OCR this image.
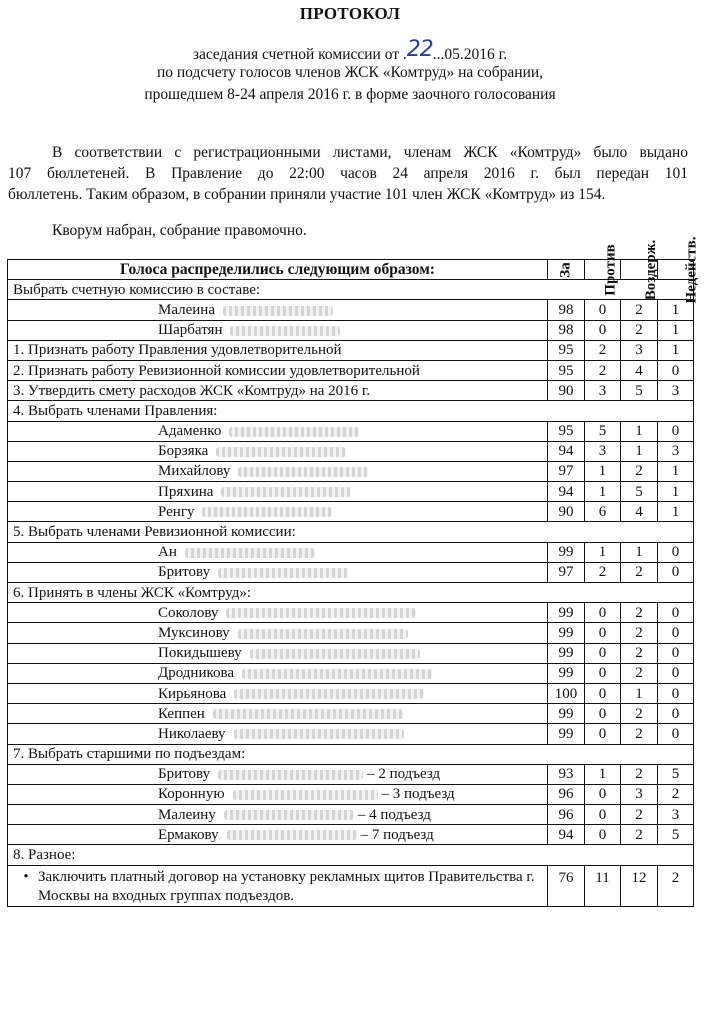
ПРОТОКОЛ
заседания счетной комиссии от .22...05.2016 г.
по подсчету голосов членов ЖСК «Комтруд» на собрании,
прошедшем 8-24 апреля 2016 г. в форме заочного голосования
В соответствии с регистрационными листами, членам ЖСК «Комтруд» было выдано
107 бюллетеней. В Правление до 22:00 часов 24 апреля 2016 г. был передан 101
бюллетень. Таким образом, в собрании приняли участие 101 член ЖСК «Комтруд» из 154.
Кворум набран, собрание правомочно.
Голоса распределились следующим образом:	За	Против	Воздерж.	Недейств.
Выбрать счетную комиссию в составе:				
Малеина	98	0	2	1
Шарбатян	98	0	2	1
1. Признать работу Правления удовлетворительной	95	2	3	1
2. Признать работу Ревизионной комиссии удовлетворительной	95	2	4	0
3. Утвердить смету расходов ЖСК «Комтруд» на 2016 г.	90	3	5	3
4. Выбрать членами Правления:				
Адаменко	95	5	1	0
Борзяка	94	3	1	3
Михайлову	97	1	2	1
Пряхина	94	1	5	1
Ренгу	90	6	4	1
5. Выбрать членами Ревизионной комиссии:				
Ан	99	1	1	0
Бритову	97	2	2	0
6. Принять в члены ЖСК «Комтруд»:				
Соколову	99	0	2	0
Муксинову	99	0	2	0
Покидышеву	99	0	2	0
Дродникова	99	0	2	0
Кирьянова	100	0	1	0
Кеппен	99	0	2	0
Николаеву	99	0	2	0
7. Выбрать старшими по подъездам:				
Бритову – 2 подъезд	93	1	2	5
Коронную – 3 подъезд	96	0	3	2
Малеину – 4 подъезд	96	0	2	3
Ермакову – 7 подъезд	94	0	2	5
8. Разное:				

• Заключить платный договор на установку рекламных щитов Правительства г. Москвы на входных группах подъездов.	76	11	12	2
